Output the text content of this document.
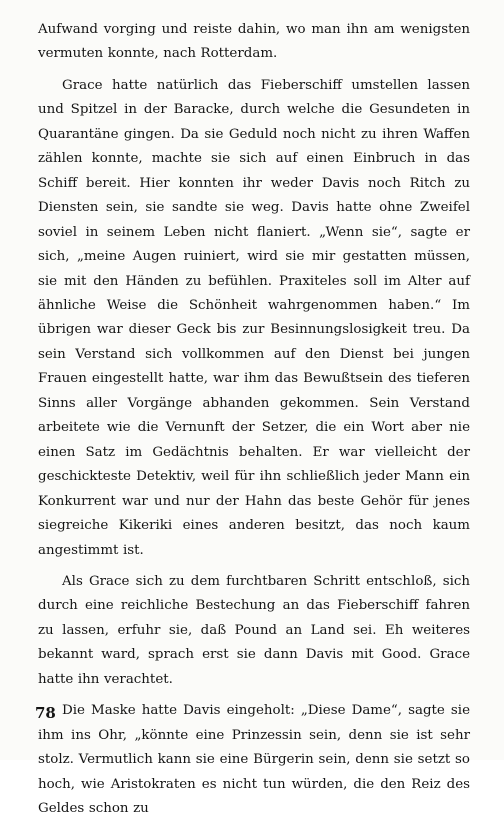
Aufwand vorging und reiste dahin, wo man ihn am wenigsten vermuten konnte, nach Rotterdam.

Grace hatte natürlich das Fieberschiff umstellen lassen und Spitzel in der Baracke, durch welche die Gesundeten in Quarantäne gingen. Da sie Geduld noch nicht zu ihren Waffen zählen konnte, machte sie sich auf einen Einbruch in das Schiff bereit. Hier konnten ihr weder Davis noch Ritch zu Diensten sein, sie sandte sie weg. Davis hatte ohne Zweifel soviel in seinem Leben nicht flaniert. „Wenn sie“, sagte er sich, „meine Augen ruiniert, wird sie mir gestatten müssen, sie mit den Händen zu befühlen. Praxiteles soll im Alter auf ähnliche Weise die Schönheit wahrgenommen haben.“ Im übrigen war dieser Geck bis zur Besinnungslosigkeit treu. Da sein Verstand sich vollkommen auf den Dienst bei jungen Frauen eingestellt hatte, war ihm das Bewußtsein des tieferen Sinns aller Vorgänge abhanden gekommen. Sein Verstand arbeitete wie die Vernunft der Setzer, die ein Wort aber nie einen Satz im Gedächtnis behalten. Er war vielleicht der geschickteste Detektiv, weil für ihn schließlich jeder Mann ein Konkurrent war und nur der Hahn das beste Gehör für jenes siegreiche Kikeriki eines anderen besitzt, das noch kaum angestimmt ist.

Als Grace sich zu dem furchtbaren Schritt entschloß, sich durch eine reichliche Bestechung an das Fieberschiff fahren zu lassen, erfuhr sie, daß Pound an Land sei. Eh weiteres bekannt ward, sprach erst sie dann Davis mit Good. Grace hatte ihn verachtet.

Die Maske hatte Davis eingeholt: „Diese Dame“, sagte sie ihm ins Ohr, „könnte eine Prinzessin sein, denn sie ist sehr stolz. Vermutlich kann sie eine Bürgerin sein, denn sie setzt so hoch, wie Aristokraten es nicht tun würden, die den Reiz des Geldes schon zu

78
